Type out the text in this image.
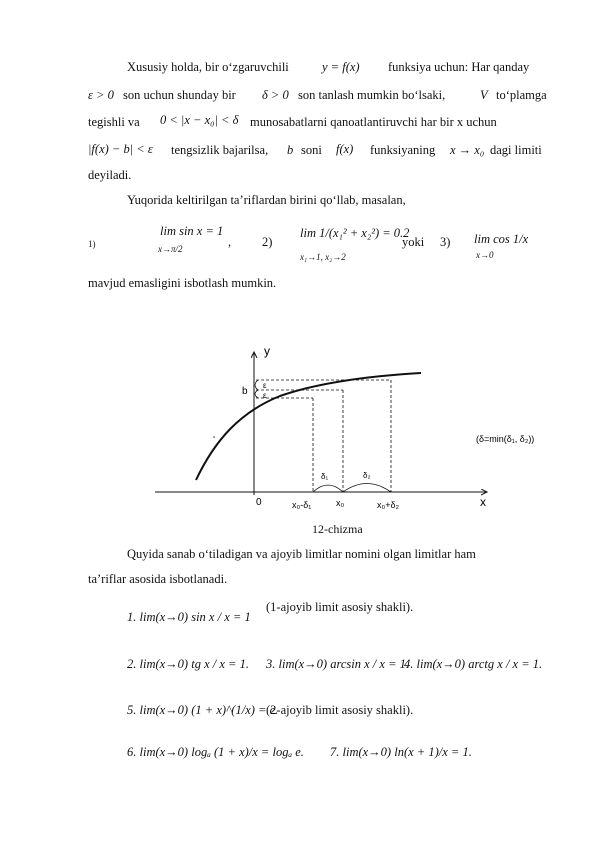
Xususiy holda, bir o‘zgaruvchili	y = f(x) funksiya uchun: Har qanday
ε > 0 son uchun shunday bir δ > 0 son tanlash mumkin bo‘lsaki,	V to‘plamga
tegishli va 0 < |x − x₀| < δ munosabatlarni qanoatlantiruvchi har bir x uchun
|f(x) − b| < ε tengsizlik bajarilsa, b soni f(x) funksiyaning x → x₀ dagi limiti
deyiladi.
Yuqorida keltirilgan ta’riflardan birini qo‘llab, masalan,
1)
lim sin x = 1
x→π/2	, 2)
lim 1/(x₁² + x₂²) = 0.2
x₁→1, x₂→2
yoki 3) lim cos 1/x
x→0
mavjud emasligini isbotlash mumkin.
y
x
b
ε
ε
0	x₀-δ₁	x₀	x₀+δ₂
δ₁	δ₂
(δ=min(δ₁, δ₂))
12-chizma
Quyida sanab o‘tiladigan va ajoyib limitlar nomini olgan limitlar ham
ta’riflar asosida isbotlanadi.
1. lim(x→0) sin x / x = 1
(1-ajoyib limit asosiy shakli).
2. lim(x→0) tg x / x = 1. 3. lim(x→0) arcsin x / x = 1.
4. lim(x→0) arctg x / x = 1.
5. lim(x→0) (1 + x)^(1/x) = e.
(2-ajoyib limit asosiy shakli).
6. lim(x→0) logₐ (1 + x)/x = logₐ e. 7. lim(x→0) ln(x + 1)/x = 1.
